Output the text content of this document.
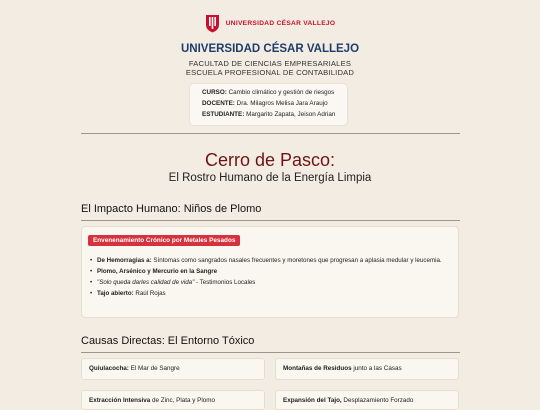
UNIVERSIDAD CÉSAR VALLEJO
UNIVERSIDAD CÉSAR VALLEJO
FACULTAD DE CIENCIAS EMPRESARIALES
ESCUELA PROFESIONAL DE CONTABILIDAD
CURSO: Cambio climático y gestión de riesgos
DOCENTE: Dra. Milagros Melisa Jara Araujo
ESTUDIANTE: Margarito Zapata, Jeison Adrian
Cerro de Pasco:
El Rostro Humano de la Energía Limpia
El Impacto Humano: Niños de Plomo
Envenenamiento Crónico por Metales Pesados
• De Hemorragias a: Síntomas como sangrados nasales frecuentes y moretones que progresan a aplasia medular y leucemia.
• Plomo, Arsénico y Mercurio en la Sangre
• "Solo queda darles calidad de vida" - Testimonios Locales
• Tajo abierto: Raúl Rojas
Causas Directas: El Entorno Tóxico
Quiulacocha: El Mar de Sangre	Montañas de Residuos junto a las Casas
Extracción Intensiva de Zinc, Plata y Plomo	Expansión del Tajo, Desplazamiento Forzado
